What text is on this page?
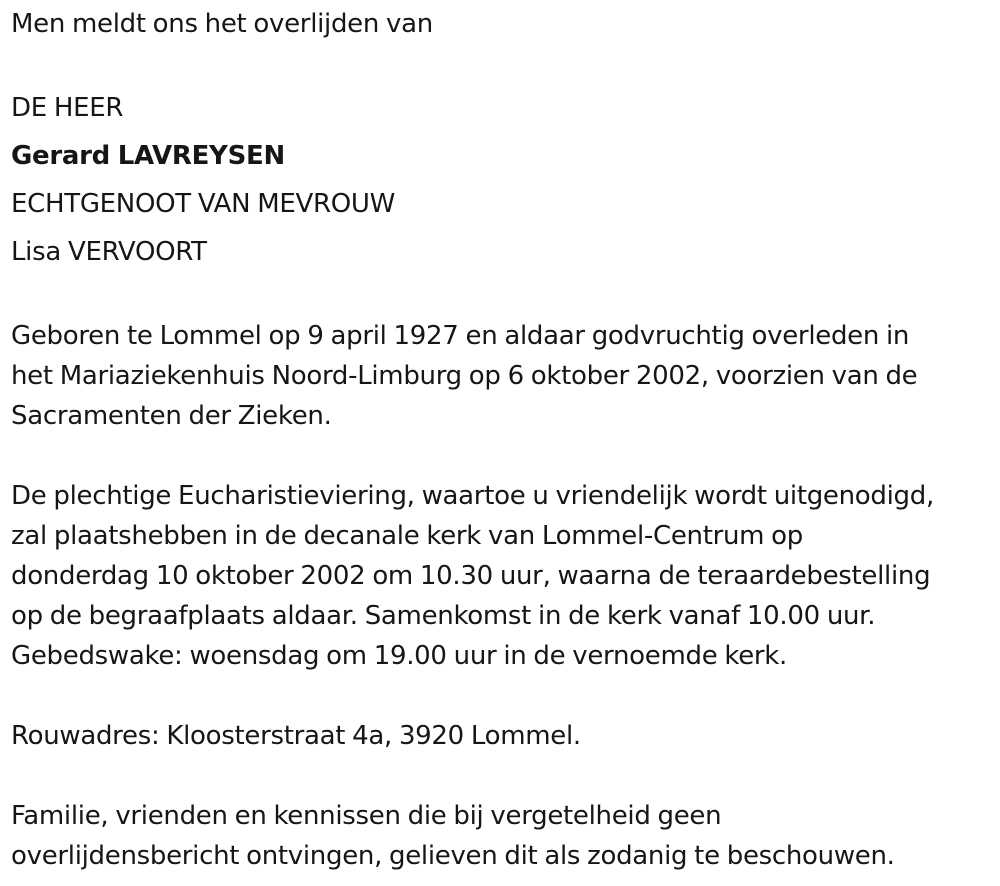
Men meldt ons het overlijden van
DE HEER
Gerard LAVREYSEN
ECHTGENOOT VAN MEVROUW
Lisa VERVOORT
Geboren te Lommel op 9 april 1927 en aldaar godvruchtig overleden in
het Mariaziekenhuis Noord-Limburg op 6 oktober 2002, voorzien van de
Sacramenten der Zieken.
De plechtige Eucharistieviering, waartoe u vriendelijk wordt uitgenodigd,
zal plaatshebben in de decanale kerk van Lommel-Centrum op
donderdag 10 oktober 2002 om 10.30 uur, waarna de teraardebestelling
op de begraafplaats aldaar. Samenkomst in de kerk vanaf 10.00 uur.
Gebedswake: woensdag om 19.00 uur in de vernoemde kerk.
Rouwadres: Kloosterstraat 4a, 3920 Lommel.
Familie, vrienden en kennissen die bij vergetelheid geen
overlijdensbericht ontvingen, gelieven dit als zodanig te beschouwen.
